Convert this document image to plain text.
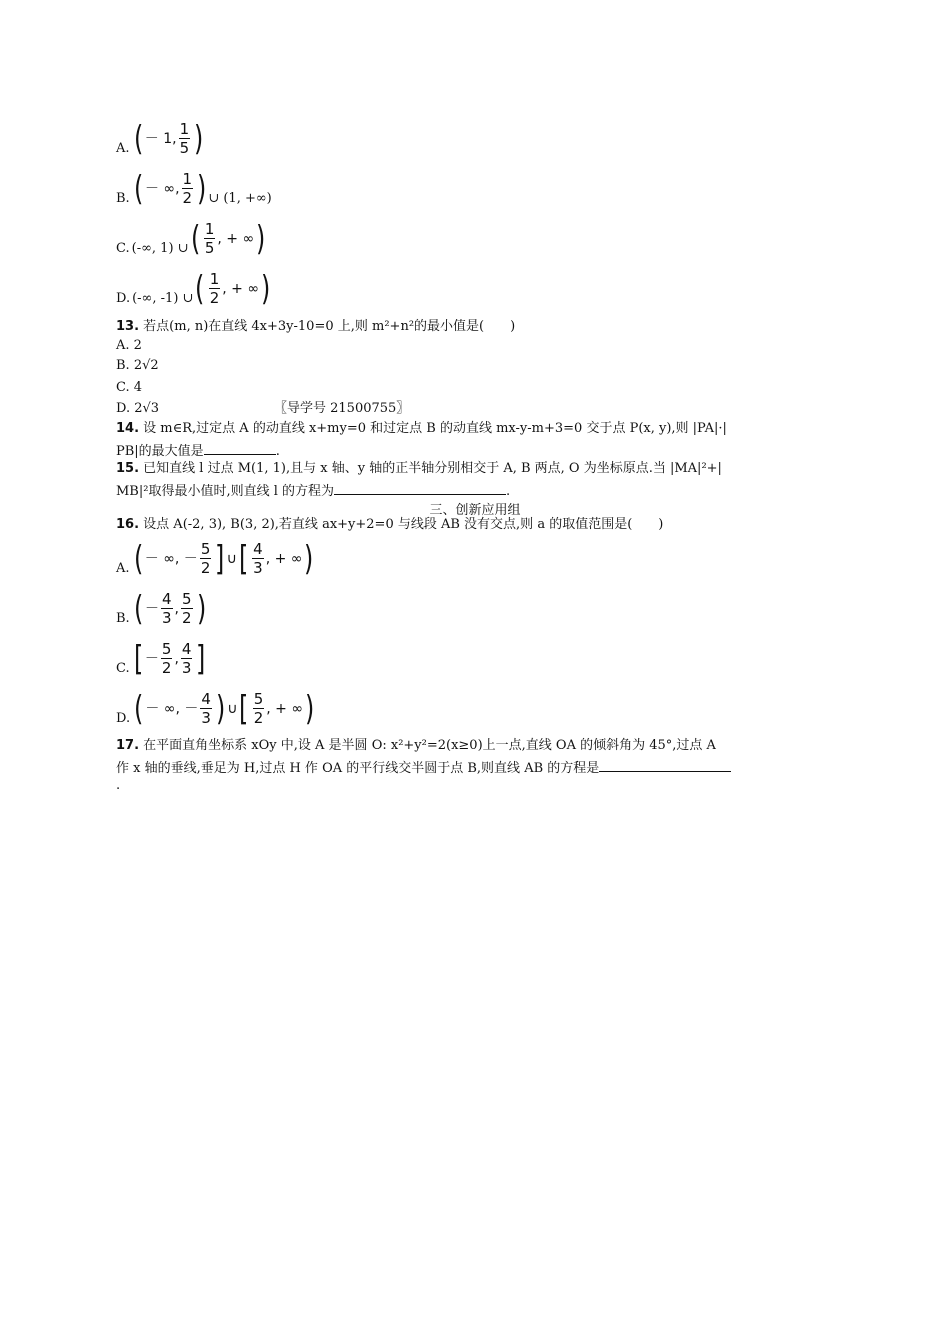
A. ( － 1, $\frac{1}{5}$ )
B. ( － ∞, $\frac{1}{2}$ ) ∪ (1, +∞)
C. (-∞, 1) ∪ ( $\frac{1}{5}$ , + ∞ )
D. (-∞, -1) ∪ ( $\frac{1}{2}$ , + ∞ )
13. 若点(m, n)在直线 4x+3y-10=0 上,则 m²+n²的最小值是(　　)
A. 2
B. 2√2
C. 4
D. 2√3	〖导学号 21500755〗
14. 设 m∈R,过定点 A 的动直线 x+my=0 和过定点 B 的动直线 mx-y-m+3=0 交于点 P(x, y),则 |PA|·|
PB|的最大值是	.
15. 已知直线 l 过点 M(1, 1),且与 x 轴、y 轴的正半轴分别相交于 A, B 两点, O 为坐标原点.当 |MA|²+|
MB|²取得最小值时,则直线 l 的方程为	.
三、创新应用组
16. 设点 A(-2, 3), B(3, 2),若直线 ax+y+2=0 与线段 AB 没有交点,则 a 的取值范围是(　　)
A. ( － ∞, － $\frac{5}{2}$ ] ∪ [ $\frac{4}{3}$ , + ∞ )
B. ( － $\frac{4}{3}$ , $\frac{5}{2}$ )
C. [ － $\frac{5}{2}$ , $\frac{4}{3}$ ]
D. ( － ∞, － $\frac{4}{3}$ ) ∪ [ $\frac{5}{2}$ , + ∞ )
17. 在平面直角坐标系 xOy 中,设 A 是半圆 O: x²+y²=2(x≥0)上一点,直线 OA 的倾斜角为 45°,过点 A
作 x 轴的垂线,垂足为 H,过点 H 作 OA 的平行线交半圆于点 B,则直线 AB 的方程是
.
